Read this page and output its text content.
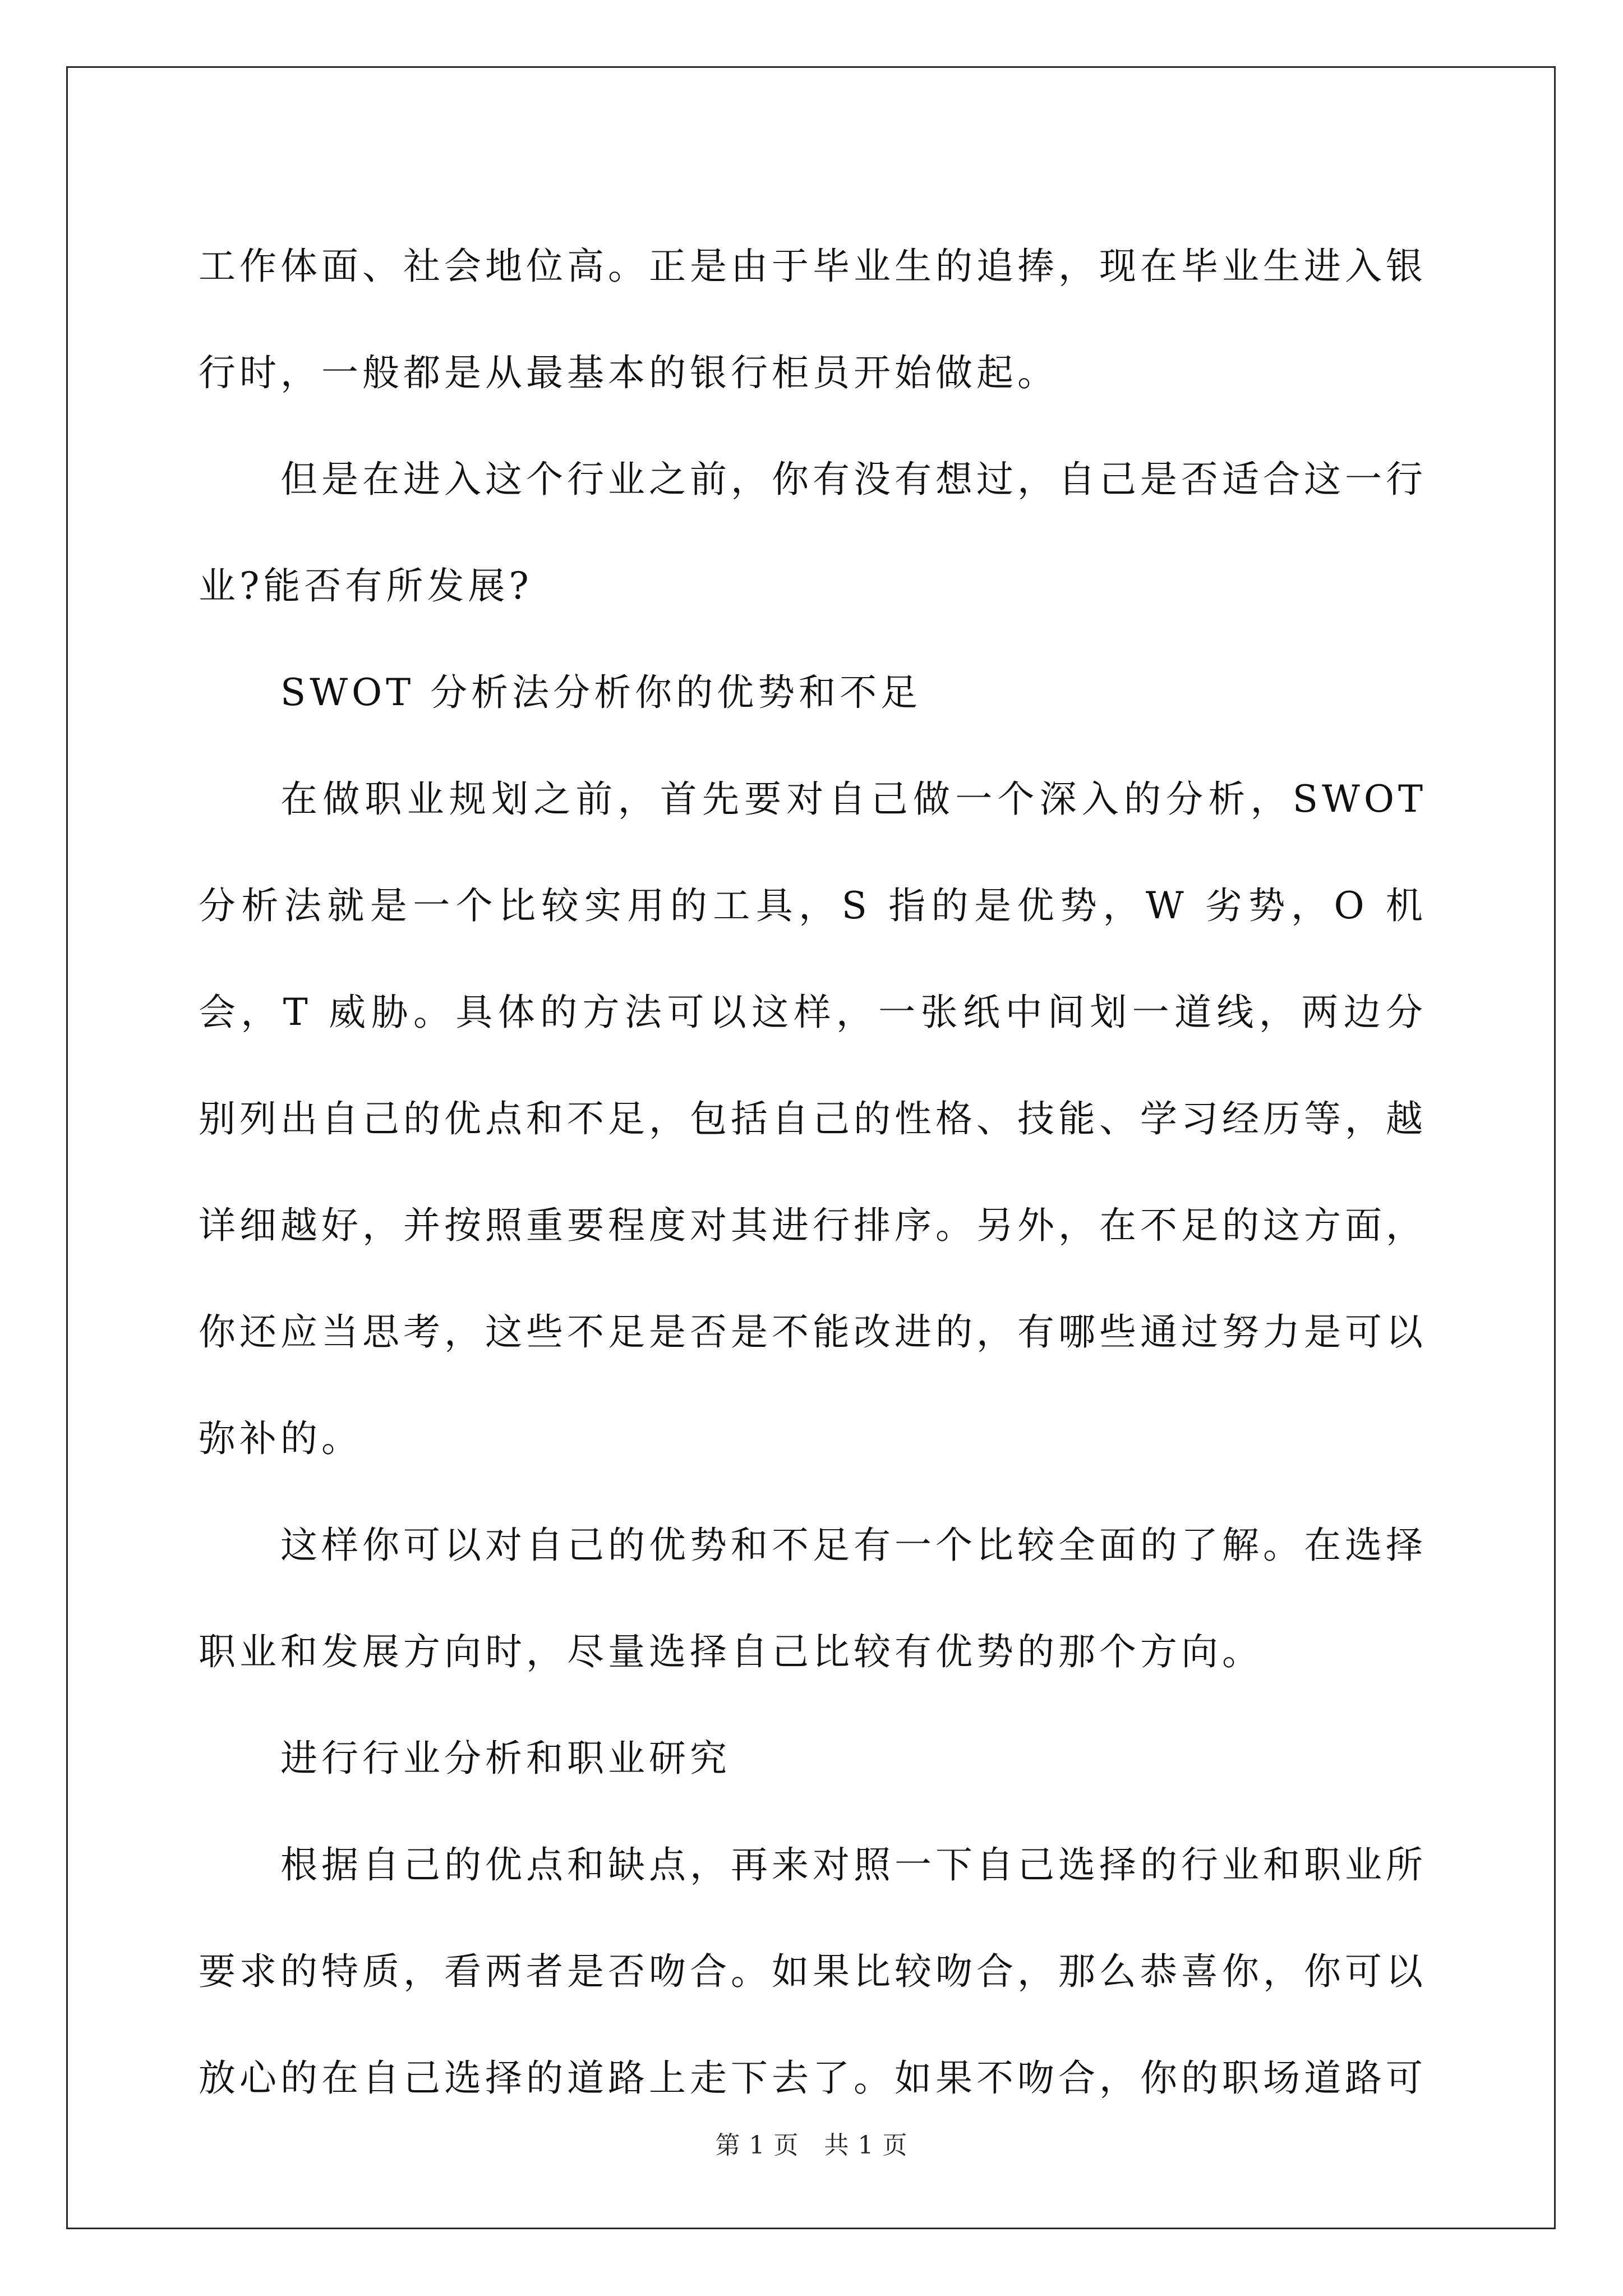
工作体面、社会地位高。正是由于毕业生的追捧，现在毕业生进入银行时，一般都是从最基本的银行柜员开始做起。

但是在进入这个行业之前，你有没有想过，自己是否适合这一行业?能否有所发展?

SWOT 分析法分析你的优势和不足

在做职业规划之前，首先要对自己做一个深入的分析，SWOT 分析法就是一个比较实用的工具，S 指的是优势，W 劣势，O 机会，T 威胁。具体的方法可以这样，一张纸中间划一道线，两边分别列出自己的优点和不足，包括自己的性格、技能、学习经历等，越详细越好，并按照重要程度对其进行排序。另外，在不足的这方面，你还应当思考，这些不足是否是不能改进的，有哪些通过努力是可以弥补的。

这样你可以对自己的优势和不足有一个比较全面的了解。在选择职业和发展方向时，尽量选择自己比较有优势的那个方向。

进行行业分析和职业研究

根据自己的优点和缺点，再来对照一下自己选择的行业和职业所要求的特质，看两者是否吻合。如果比较吻合，那么恭喜你，你可以放心的在自己选择的道路上走下去了。如果不吻合，你的职场道路可

第 1 页 共 1 页
